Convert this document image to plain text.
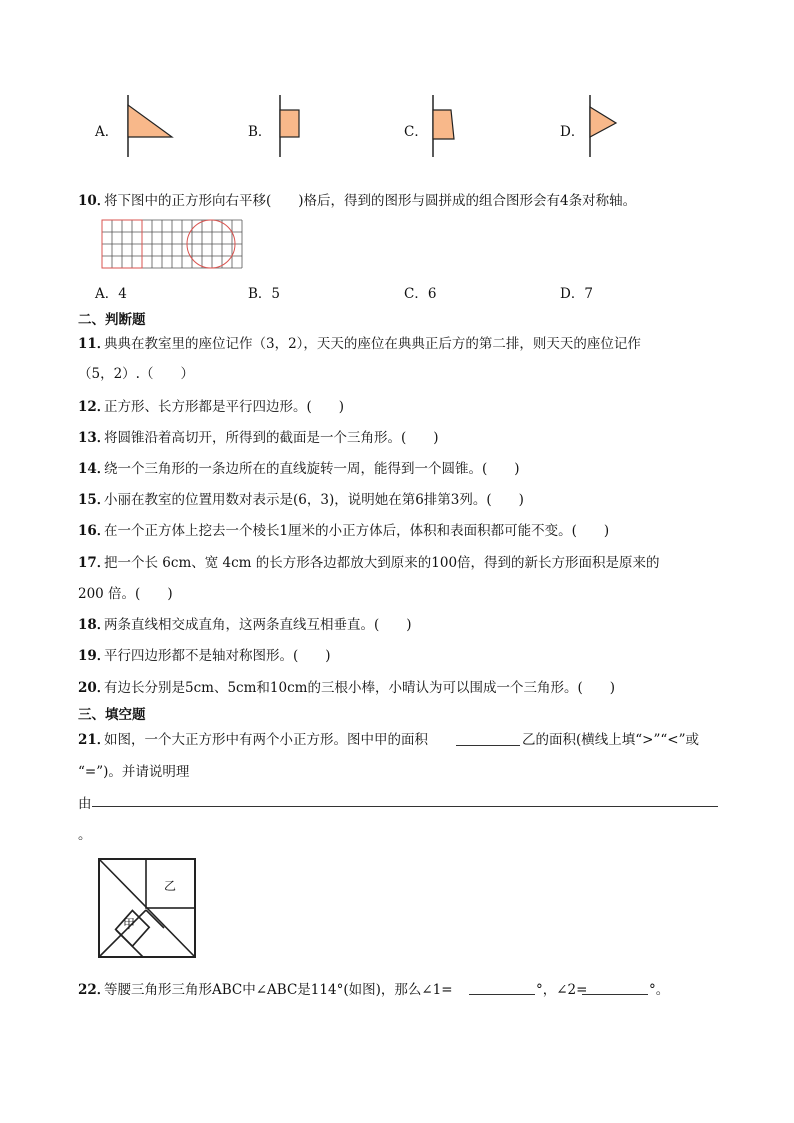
A．	B．	C．	D．
10．
将下图中的正方形向右平移(　　)格后，得到的图形与圆拼成的组合图形会有4条对称轴。
A．4	B．5	C．6	D．7
二、判断题
11．
典典在教室里的座位记作（3，2），天天的座位在典典正后方的第二排，则天天的座位记作
（5，2）.（　　）
12．
正方形、长方形都是平行四边形。(　　)
13．
将圆锥沿着高切开，所得到的截面是一个三角形。(　　)
14．
绕一个三角形的一条边所在的直线旋转一周，能得到一个圆锥。(　　)
15．
小丽在教室的位置用数对表示是(6，3)，说明她在第6排第3列。(　　)
16．
在一个正方体上挖去一个棱长1厘米的小正方体后，体积和表面积都可能不变。(　　)
17．
把一个长 6cm、宽 4cm 的长方形各边都放大到原来的100倍，得到的新长方形面积是原来的
200 倍。(　　)
18．
两条直线相交成直角，这两条直线互相垂直。(　　)
19．
平行四边形都不是轴对称图形。(　　)
20．
有边长分别是5cm、5cm和10cm的三根小棒，小晴认为可以围成一个三角形。(　　)
三、填空题
21．
如图，一个大正方形中有两个小正方形。图中甲的面积	乙的面积(横线上填“>”“<”或
“=”)。并请说明理
由
。
甲
乙
22．
等腰三角形三角形ABC中∠ABC是114°(如图)，那么∠1=	°，∠2=	°。
